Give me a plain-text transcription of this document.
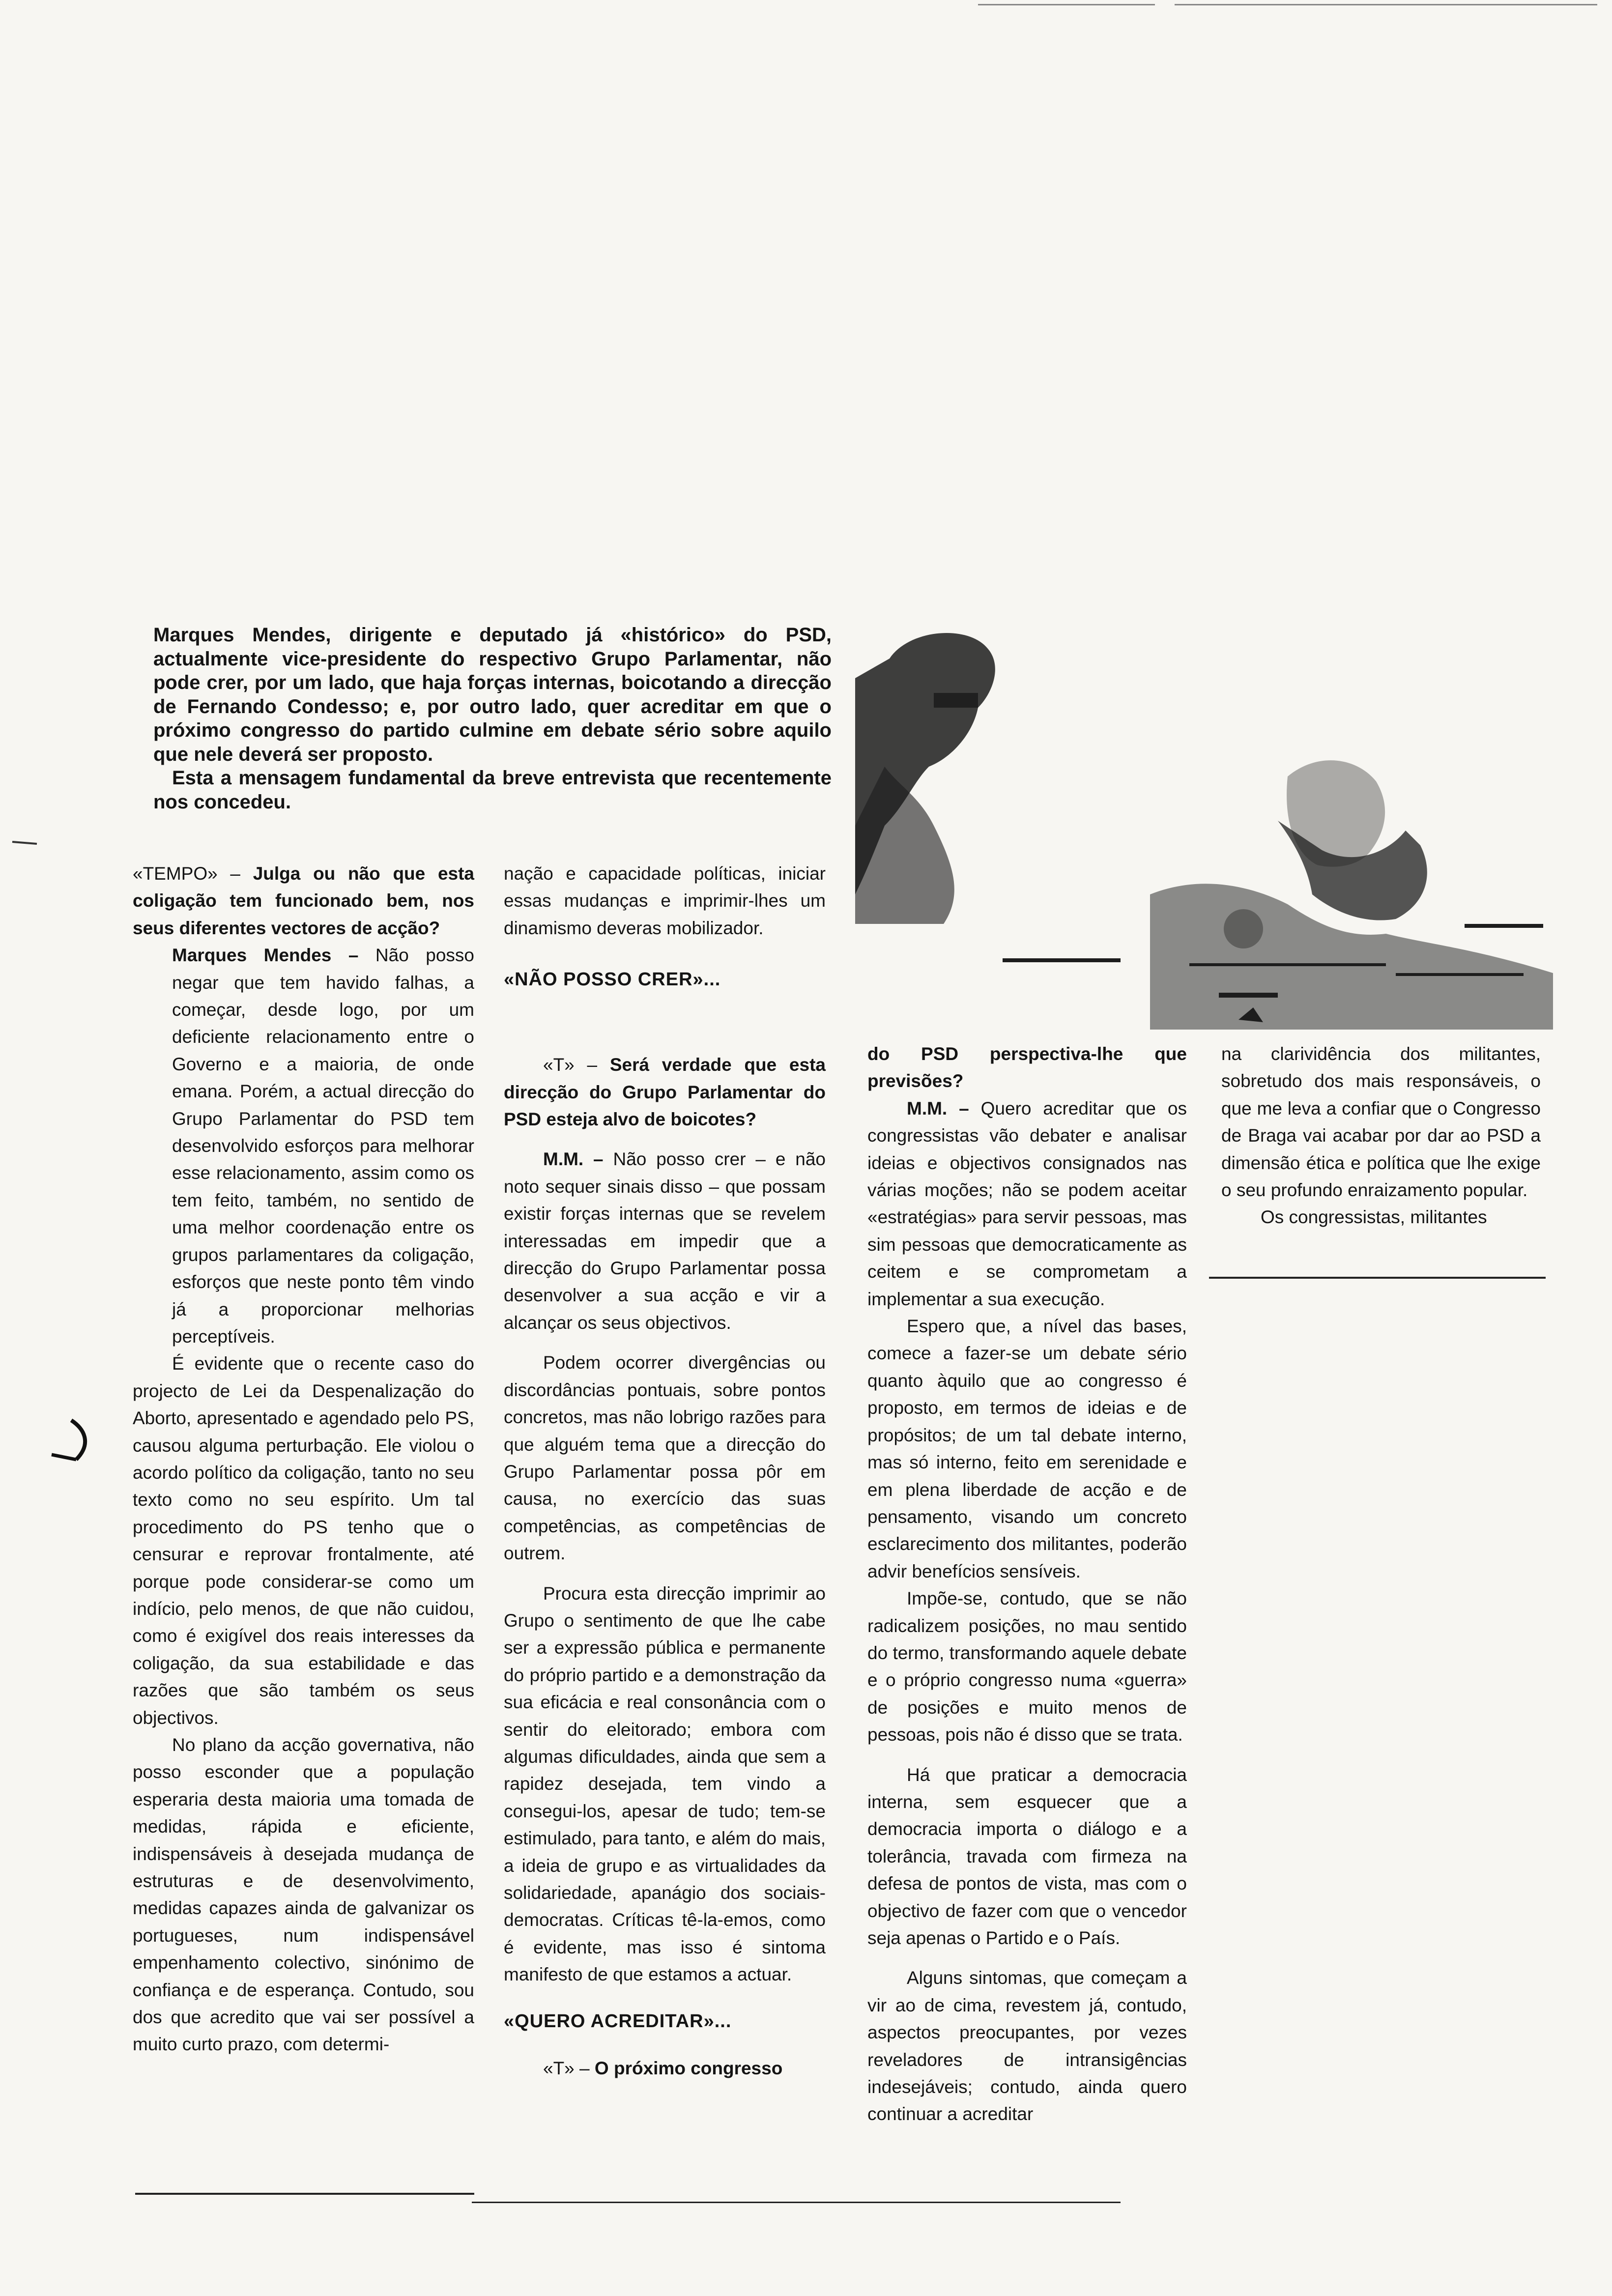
Marques Mendes, dirigente e deputado já «histórico» do PSD, actualmente vice-presidente do respectivo Grupo Parlamentar, não pode crer, por um lado, que haja forças internas, boicotando a direcção de Fernando Condesso; e, por outro lado, quer acreditar em que o próximo congresso do partido culmine em debate sério sobre aquilo que nele deverá ser proposto.

Esta a mensagem fundamental da breve entrevista que recentemente nos concedeu.

«TEMPO» – Julga ou não que esta coligação tem funcionado bem, nos seus diferentes vectores de acção?

Marques Mendes – Não posso negar que tem havido falhas, a começar, desde logo, por um deficiente relacionamento entre o Governo e a maioria, de onde emana. Porém, a actual direcção do Grupo Parlamentar do PSD tem desenvolvido esforços para melhorar esse relacionamento, assim como os tem feito, também, no sentido de uma melhor coordenação entre os grupos parlamentares da coligação, esforços que neste ponto têm vindo já a proporcionar melhorias perceptíveis.

É evidente que o recente caso do projecto de Lei da Despenalização do Aborto, apresentado e agendado pelo PS, causou alguma perturbação. Ele violou o acordo político da coligação, tanto no seu texto como no seu espírito. Um tal procedimento do PS tenho que o censurar e reprovar frontalmente, até porque pode considerar-se como um indício, pelo menos, de que não cuidou, como é exigível dos reais interesses da coligação, da sua estabilidade e das razões que são também os seus objectivos.

No plano da acção governativa, não posso esconder que a população esperaria desta maioria uma tomada de medidas, rápida e eficiente, indispensáveis à desejada mudança de estruturas e de desenvolvimento, medidas capazes ainda de galvanizar os portugueses, num indispensável empenhamento colectivo, sinónimo de confiança e de esperança. Contudo, sou dos que acredito que vai ser possível a muito curto prazo, com determi-

nação e capacidade políticas, iniciar essas mudanças e imprimir-lhes um dinamismo deveras mobilizador.

«NÃO POSSO CRER»...

«T» – Será verdade que esta direcção do Grupo Parlamentar do PSD esteja alvo de boicotes?

M.M. – Não posso crer – e não noto sequer sinais disso – que possam existir forças internas que se revelem interessadas em impedir que a direcção do Grupo Parlamentar possa desenvolver a sua acção e vir a alcançar os seus objectivos.

Podem ocorrer divergências ou discordâncias pontuais, sobre pontos concretos, mas não lobrigo razões para que alguém tema que a direcção do Grupo Parlamentar possa pôr em causa, no exercício das suas competências, as competências de outrem.

Procura esta direcção imprimir ao Grupo o sentimento de que lhe cabe ser a expressão pública e permanente do próprio partido e a demonstração da sua eficácia e real consonância com o sentir do eleitorado; embora com algumas dificuldades, ainda que sem a rapidez desejada, tem vindo a consegui-los, apesar de tudo; tem-se estimulado, para tanto, e além do mais, a ideia de grupo e as virtualidades da solidariedade, apanágio dos sociais-democratas. Críticas tê-la-emos, como é evidente, mas isso é sintoma manifesto de que estamos a actuar.

«QUERO ACREDITAR»...

«T» – O próximo congresso

do PSD perspectiva-lhe que previsões?

M.M. – Quero acreditar que os congressistas vão debater e analisar ideias e objectivos consignados nas várias moções; não se podem aceitar «estratégias» para servir pessoas, mas sim pessoas que democraticamente as ceitem e se comprometam a implementar a sua execução.

Espero que, a nível das bases, comece a fazer-se um debate sério quanto àquilo que ao congresso é proposto, em termos de ideias e de propósitos; de um tal debate interno, mas só interno, feito em serenidade e em plena liberdade de acção e de pensamento, visando um concreto esclarecimento dos militantes, poderão advir benefícios sensíveis.

Impõe-se, contudo, que se não radicalizem posições, no mau sentido do termo, transformando aquele debate e o próprio congresso numa «guerra» de posições e muito menos de pessoas, pois não é disso que se trata.

Há que praticar a democracia interna, sem esquecer que a democracia importa o diálogo e a tolerância, travada com firmeza na defesa de pontos de vista, mas com o objectivo de fazer com que o vencedor seja apenas o Partido e o País.

Alguns sintomas, que começam a vir ao de cima, revestem já, contudo, aspectos preocupantes, por vezes reveladores de intransigências indesejáveis; contudo, ainda quero continuar a acreditar

na clarividência dos militantes, sobretudo dos mais responsáveis, o que me leva a confiar que o Congresso de Braga vai acabar por dar ao PSD a dimensão ética e política que lhe exige o seu profundo enraizamento popular.

Os congressistas, militantes
